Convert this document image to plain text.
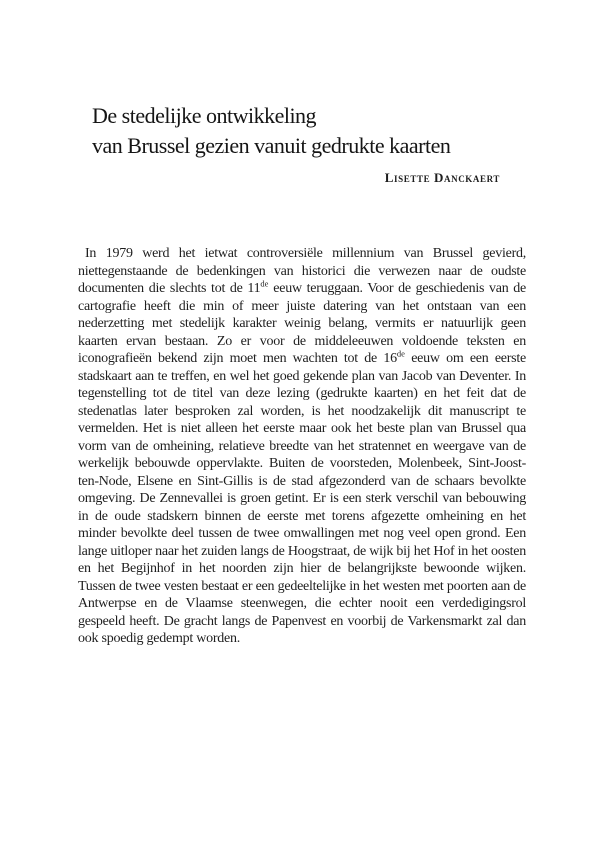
De stedelijke ontwikkeling
van Brussel gezien vanuit gedrukte kaarten
Lisette Danckaert

In 1979 werd het ietwat controversiële millennium van Brussel gevierd, niettegenstaande de bedenkingen van historici die verwezen naar de oudste documenten die slechts tot de 11de eeuw teruggaan. Voor de geschiedenis van de cartografie heeft die min of meer juiste datering van het ontstaan van een nederzetting met stedelijk karakter weinig belang, vermits er natuurlijk geen kaarten ervan bestaan. Zo er voor de middeleeuwen voldoende teksten en iconografieën bekend zijn moet men wachten tot de 16de eeuw om een eerste stadskaart aan te treffen, en wel het goed gekende plan van Jacob van Deventer. In tegenstelling tot de titel van deze lezing (gedrukte kaarten) en het feit dat de stedenatlas later besproken zal worden, is het noodzakelijk dit manuscript te vermelden. Het is niet alleen het eerste maar ook het beste plan van Brussel qua vorm van de omheining, relatieve breedte van het stratennet en weergave van de werkelijk bebouwde oppervlakte. Buiten de voorsteden, Molenbeek, Sint-Joost-ten-Node, Elsene en Sint-Gillis is de stad afgezonderd van de schaars bevolkte omgeving. De Zennevallei is groen getint. Er is een sterk verschil van bebouwing in de oude stadskern binnen de eerste met torens afgezette omheining en het minder bevolkte deel tussen de twee omwallingen met nog veel open grond. Een lange uitloper naar het zuiden langs de Hoogstraat, de wijk bij het Hof in het oosten en het Begijnhof in het noorden zijn hier de belangrijkste bewoonde wijken. Tussen de twee vesten bestaat er een gedeeltelijke in het westen met poorten aan de Antwerpse en de Vlaamse steenwegen, die echter nooit een verdedigingsrol gespeeld heeft. De gracht langs de Papenvest en voorbij de Varkensmarkt zal dan ook spoedig gedempt worden.
